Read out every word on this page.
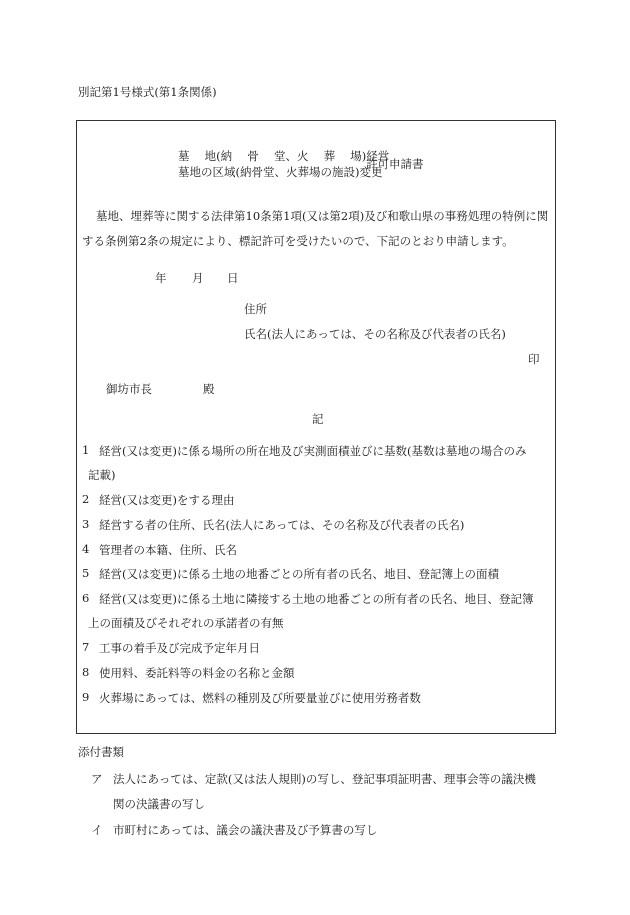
別記第1号様式(第1条関係)
墓　 地(納　 骨　 堂、火　 葬　 場)経営
墓地の区域(納骨堂、火葬場の施設)変更
許可申請書
墓地、埋葬等に関する法律第10条第1項(又は第2項)及び和歌山県の事務処理の特例に関
する条例第2条の規定により、標記許可を受けたいので、下記のとおり申請します。
年 月 日
住所
氏名(法人にあっては、その名称及び代表者の氏名)
印
御坊市長	殿
記
1 経営(又は変更)に係る場所の所在地及び実測面積並びに基数(基数は墓地の場合のみ
記載)
2 経営(又は変更)をする理由
3 経営する者の住所、氏名(法人にあっては、その名称及び代表者の氏名)
4 管理者の本籍、住所、氏名
5 経営(又は変更)に係る土地の地番ごとの所有者の氏名、地目、登記簿上の面積
6 経営(又は変更)に係る土地に隣接する土地の地番ごとの所有者の氏名、地目、登記簿
上の面積及びそれぞれの承諾者の有無
7 工事の着手及び完成予定年月日
8 使用料、委託料等の料金の名称と金額
9 火葬場にあっては、燃料の種別及び所要量並びに使用労務者数
添付書類
ア 法人にあっては、定款(又は法人規則)の写し、登記事項証明書、理事会等の議決機
関の決議書の写し
イ 市町村にあっては、議会の議決書及び予算書の写し
